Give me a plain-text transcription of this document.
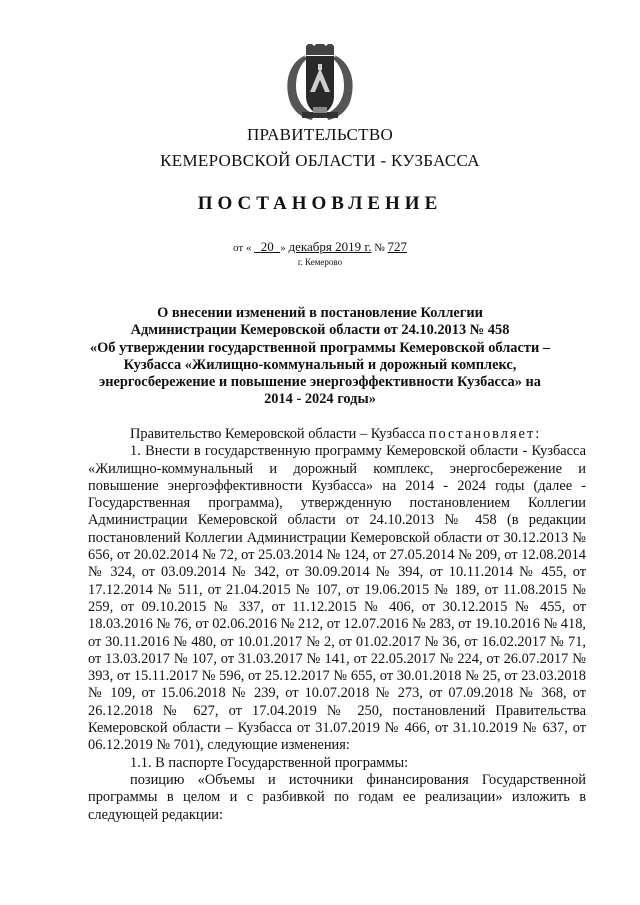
ПРАВИТЕЛЬСТВО
КЕМЕРОВСКОЙ ОБЛАСТИ - КУЗБАССА
ПОСТАНОВЛЕНИЕ
от « 20 » декабря 2019 г. № 727
г. Кемерово
О внесении изменений в постановление Коллегии
Администрации Кемеровской области от 24.10.2013 № 458
«Об утверждении государственной программы Кемеровской области –
Кузбасса «Жилищно-коммунальный и дорожный комплекс,
энергосбережение и повышение энергоэффективности Кузбасса» на
2014 - 2024 годы»

Правительство Кемеровской области – Кузбасса постановляет:

1. Внести в государственную программу Кемеровской области - Кузбасса «Жилищно-коммунальный и дорожный комплекс, энергосбережение и повышение энергоэффективности Кузбасса» на 2014 - 2024 годы (далее - Государственная программа), утвержденную постановлением Коллегии Администрации Кемеровской области от 24.10.2013 № 458 (в редакции постановлений Коллегии Администрации Кемеровской области от 30.12.2013 № 656, от 20.02.2014 № 72, от 25.03.2014 № 124, от 27.05.2014 № 209, от 12.08.2014 № 324, от 03.09.2014 № 342, от 30.09.2014 № 394, от 10.11.2014 № 455, от 17.12.2014 № 511, от 21.04.2015 № 107, от 19.06.2015 № 189, от 11.08.2015 № 259, от 09.10.2015 № 337, от 11.12.2015 № 406, от 30.12.2015 № 455, от 18.03.2016 № 76, от 02.06.2016 № 212, от 12.07.2016 № 283, от 19.10.2016 № 418, от 30.11.2016 № 480, от 10.01.2017 № 2, от 01.02.2017 № 36, от 16.02.2017 № 71, от 13.03.2017 № 107, от 31.03.2017 № 141, от 22.05.2017 № 224, от 26.07.2017 № 393, от 15.11.2017 № 596, от 25.12.2017 № 655, от 30.01.2018 № 25, от 23.03.2018 № 109, от 15.06.2018 № 239, от 10.07.2018 № 273, от 07.09.2018 № 368, от 26.12.2018 № 627, от 17.04.2019 № 250, постановлений Правительства Кемеровской области – Кузбасса от 31.07.2019 № 466, от 31.10.2019 № 637, от 06.12.2019 № 701), следующие изменения:

1.1. В паспорте Государственной программы:

позицию «Объемы и источники финансирования Государственной программы в целом и с разбивкой по годам ее реализации» изложить в следующей редакции:
